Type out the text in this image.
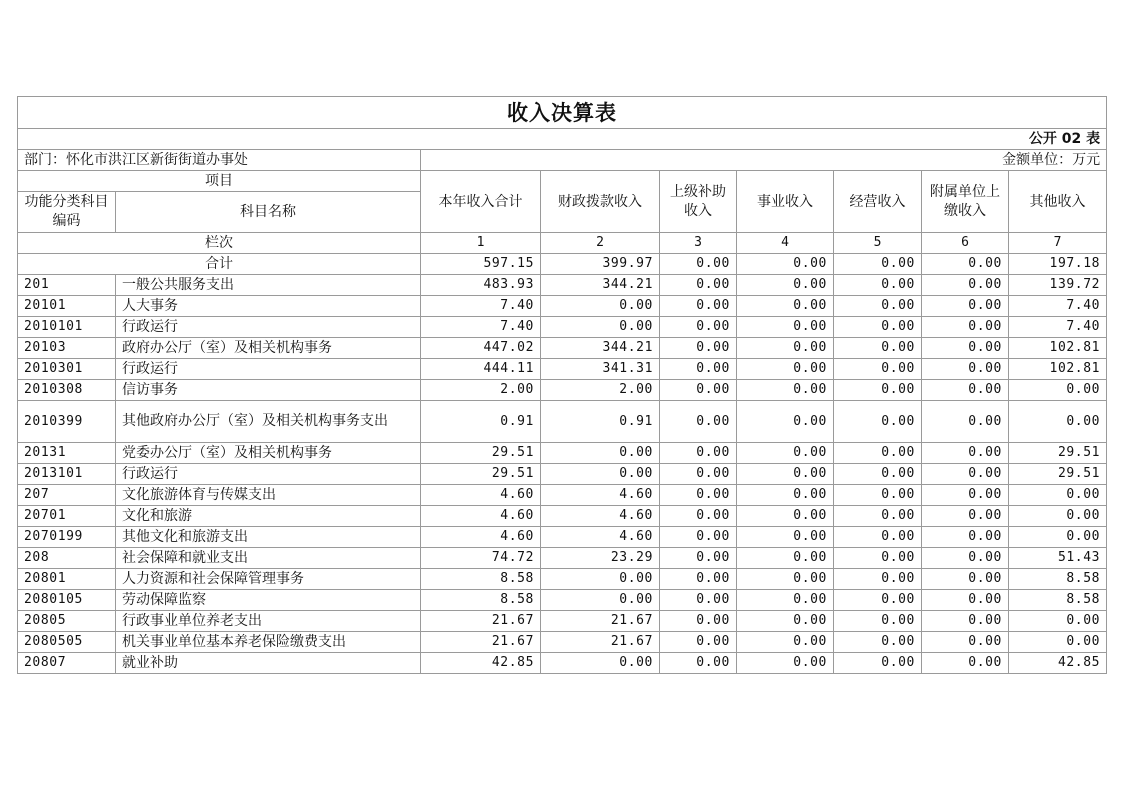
收入决算表								
公开 02 表								
部门：怀化市洪江区新街街道办事处		金额单位：万元						
项目		本年收入合计	财政拨款收入	上级补助收入	事业收入	经营收入	附属单位上缴收入	其他收入
功能分类科目编码	科目名称							
栏次		1	2	3	4	5	6	7
合计		597.15	399.97	0.00	0.00	0.00	0.00	197.18
201	一般公共服务支出	483.93	344.21	0.00	0.00	0.00	0.00	139.72
20101	人大事务	7.40	0.00	0.00	0.00	0.00	0.00	7.40
2010101	行政运行	7.40	0.00	0.00	0.00	0.00	0.00	7.40
20103	政府办公厅（室）及相关机构事务	447.02	344.21	0.00	0.00	0.00	0.00	102.81
2010301	行政运行	444.11	341.31	0.00	0.00	0.00	0.00	102.81
2010308	信访事务	2.00	2.00	0.00	0.00	0.00	0.00	0.00
2010399	其他政府办公厅（室）及相关机构事务支出	0.91	0.91	0.00	0.00	0.00	0.00	0.00
20131	党委办公厅（室）及相关机构事务	29.51	0.00	0.00	0.00	0.00	0.00	29.51
2013101	行政运行	29.51	0.00	0.00	0.00	0.00	0.00	29.51
207	文化旅游体育与传媒支出	4.60	4.60	0.00	0.00	0.00	0.00	0.00
20701	文化和旅游	4.60	4.60	0.00	0.00	0.00	0.00	0.00
2070199	其他文化和旅游支出	4.60	4.60	0.00	0.00	0.00	0.00	0.00
208	社会保障和就业支出	74.72	23.29	0.00	0.00	0.00	0.00	51.43
20801	人力资源和社会保障管理事务	8.58	0.00	0.00	0.00	0.00	0.00	8.58
2080105	劳动保障监察	8.58	0.00	0.00	0.00	0.00	0.00	8.58
20805	行政事业单位养老支出	21.67	21.67	0.00	0.00	0.00	0.00	0.00
2080505	机关事业单位基本养老保险缴费支出	21.67	21.67	0.00	0.00	0.00	0.00	0.00
20807	就业补助	42.85	0.00	0.00	0.00	0.00	0.00	42.85
